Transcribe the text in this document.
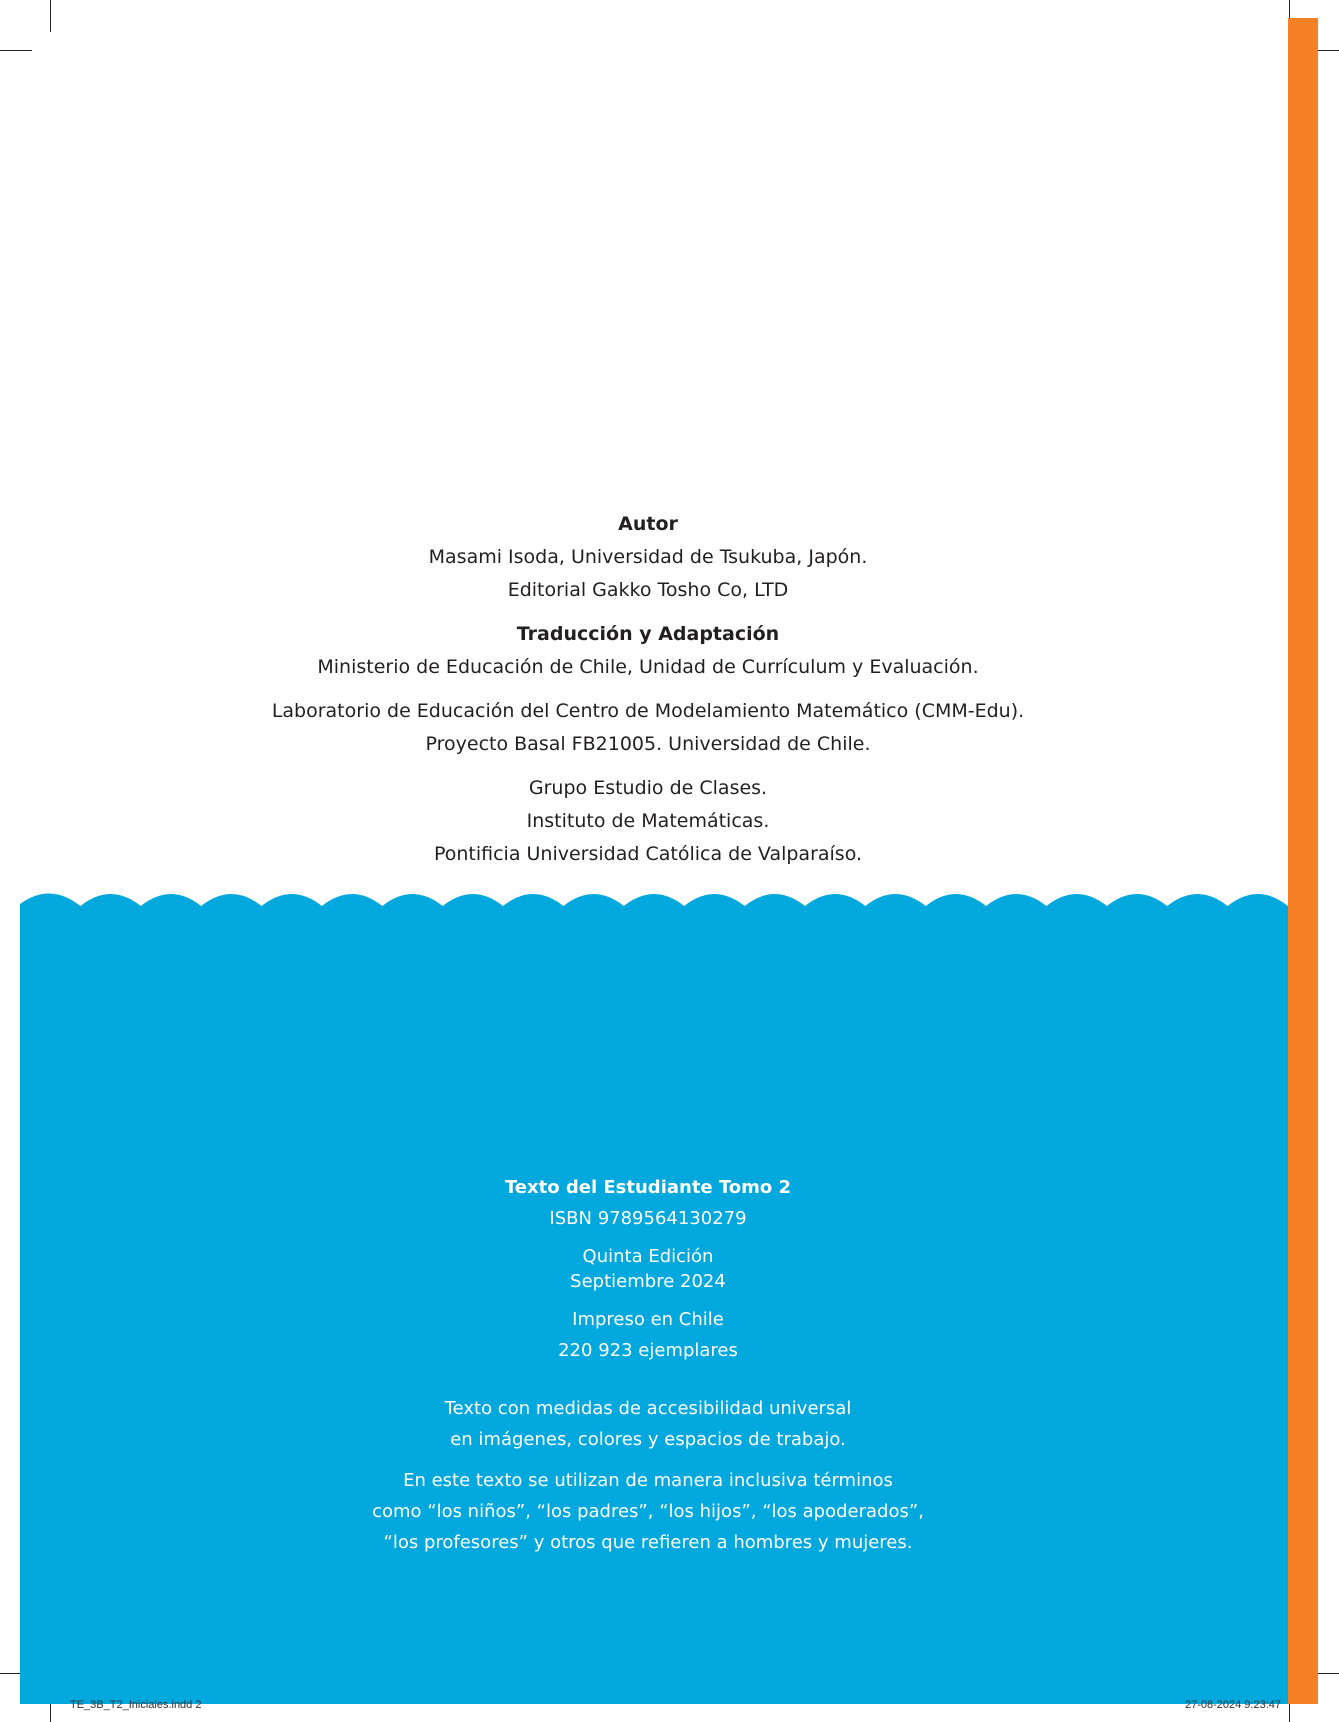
Autor
Masami Isoda, Universidad de Tsukuba, Japón.
Editorial Gakko Tosho Co, LTD
Traducción y Adaptación
Ministerio de Educación de Chile, Unidad de Currículum y Evaluación.
Laboratorio de Educación del Centro de Modelamiento Matemático (CMM-Edu).
Proyecto Basal FB21005. Universidad de Chile.
Grupo Estudio de Clases.
Instituto de Matemáticas.
Pontificia Universidad Católica de Valparaíso.
Texto del Estudiante Tomo 2
ISBN 9789564130279
Quinta Edición
Septiembre 2024
Impreso en Chile
220 923 ejemplares
Texto con medidas de accesibilidad universal
en imágenes, colores y espacios de trabajo.
En este texto se utilizan de manera inclusiva términos
como “los niños”, “los padres”, “los hijos”, “los apoderados”,
“los profesores” y otros que refieren a hombres y mujeres.
TE_3B_T2_Iniciales.indd 2	27-08-2024 9:23:47
